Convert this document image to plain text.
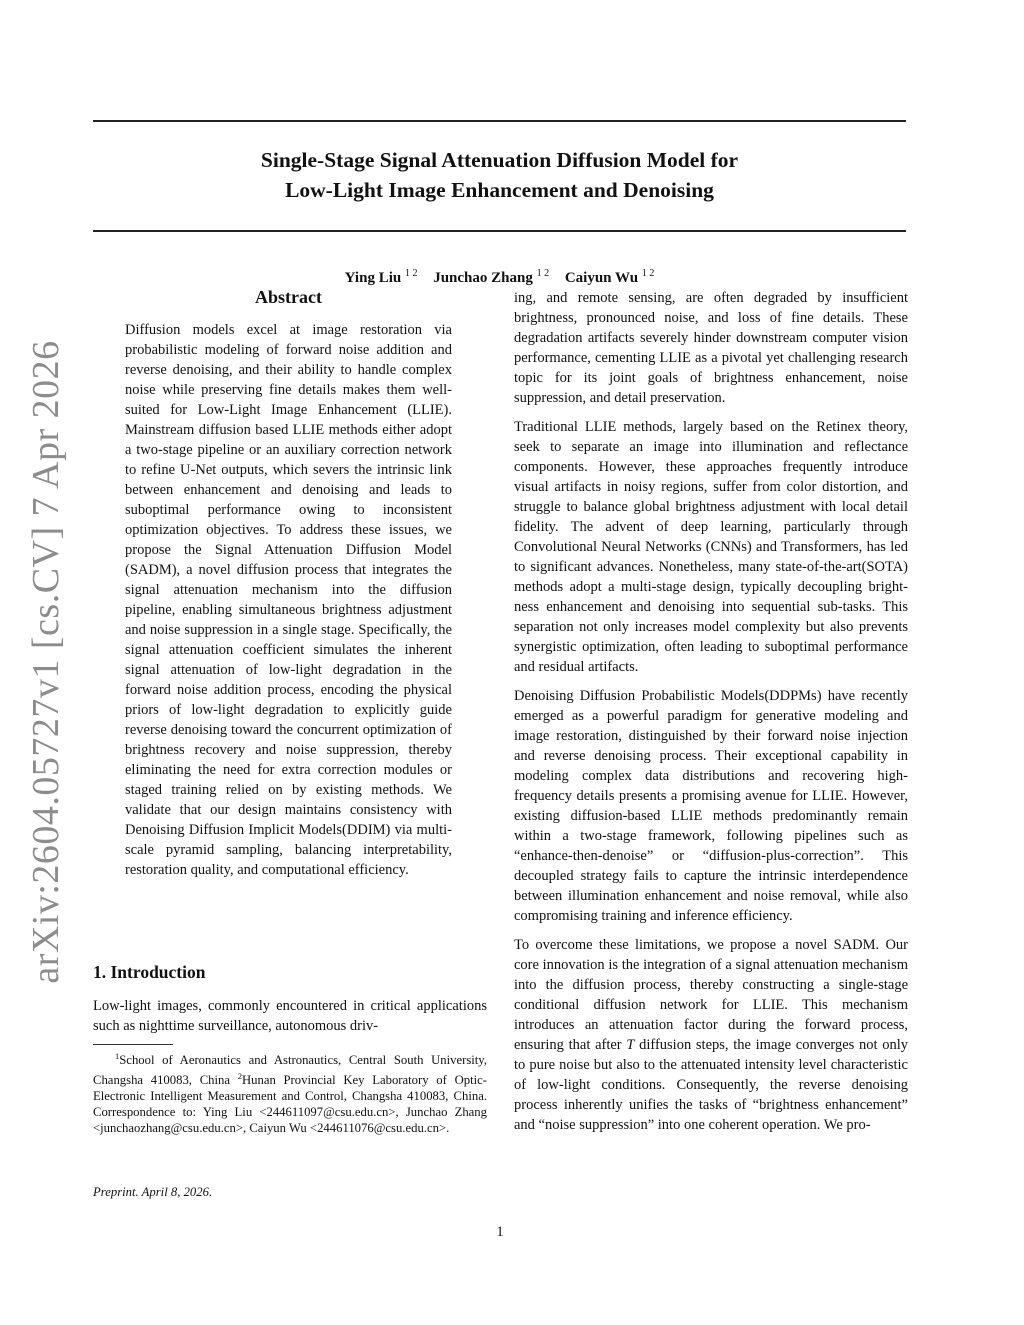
Single-Stage Signal Attenuation Diffusion Model for
Low-Light Image Enhancement and Denoising
Ying Liu $^{1 2}$ Junchao Zhang $^{1 2}$ Caiyun Wu $^{1 2}$
arXiv:2604.05727v1 [cs.CV] 7 Apr 2026
Abstract
Diffusion models excel at image restoration via probabilistic modeling of forward noise addition and reverse denoising, and their ability to handle complex noise while preserving fine details makes them well-suited for Low-Light Image Enhancement (LLIE). Mainstream diffusion based LLIE methods either adopt a two-stage pipeline or an auxiliary correction network to refine U-Net outputs, which severs the intrinsic link between enhancement and denoising and leads to suboptimal performance owing to inconsistent optimization objectives. To address these issues, we propose the Signal Attenuation Diffusion Model (SADM), a novel diffusion process that integrates the signal attenuation mechanism into the diffusion pipeline, enabling simultaneous brightness adjustment and noise suppression in a single stage. Specifically, the signal attenuation coefficient simulates the inherent signal attenuation of low-light degradation in the forward noise addition process, encoding the physical priors of low-light degradation to explicitly guide reverse denoising toward the concurrent optimization of brightness recovery and noise suppression, thereby eliminating the need for extra correction modules or staged training relied on by existing methods. We validate that our design maintains consistency with Denoising Diffusion Implicit Models(DDIM) via multi-scale pyramid sampling, balancing interpretability, restoration quality, and computational efficiency.
1. Introduction
Low-light images, commonly encountered in critical applications such as nighttime surveillance, autonomous driv-

$^1$School of Aeronautics and Astronautics, Central South University, Changsha 410083, China $^2$Hunan Provincial Key Laboratory of Optic-Electronic Intelligent Measurement and Control, Changsha 410083, China. Correspondence to: Ying Liu <244611097@csu.edu.cn>, Junchao Zhang <junchaozhang@csu.edu.cn>, Caiyun Wu <244611076@csu.edu.cn>.

Preprint. April 8, 2026.

ing, and remote sensing, are often degraded by insufficient brightness, pronounced noise, and loss of fine details. These degradation artifacts severely hinder downstream computer vision performance, cementing LLIE as a pivotal yet challenging research topic for its joint goals of brightness enhancement, noise suppression, and detail preservation.

Traditional LLIE methods, largely based on the Retinex theory, seek to separate an image into illumination and reflectance components. However, these approaches frequently introduce visual artifacts in noisy regions, suffer from color distortion, and struggle to balance global brightness adjustment with local detail fidelity. The advent of deep learning, particularly through Convolutional Neural Networks (CNNs) and Transformers, has led to significant advances. Nonetheless, many state-of-the-art(SOTA) methods adopt a multi-stage design, typically decoupling brightness enhancement and denoising into sequential sub-tasks. This separation not only increases model complexity but also prevents synergistic optimization, often leading to suboptimal performance and residual artifacts.

Denoising Diffusion Probabilistic Models(DDPMs) have recently emerged as a powerful paradigm for generative modeling and image restoration, distinguished by their forward noise injection and reverse denoising process. Their exceptional capability in modeling complex data distributions and recovering high-frequency details presents a promising avenue for LLIE. However, existing diffusion-based LLIE methods predominantly remain within a two-stage framework, following pipelines such as “enhance-then-denoise” or “diffusion-plus-correction”. This decoupled strategy fails to capture the intrinsic interdependence between illumination enhancement and noise removal, while also compromising training and inference efficiency.

To overcome these limitations, we propose a novel SADM. Our core innovation is the integration of a signal attenuation mechanism into the diffusion process, thereby constructing a single-stage conditional diffusion network for LLIE. This mechanism introduces an attenuation factor during the forward process, ensuring that after T diffusion steps, the image converges not only to pure noise but also to the attenuated intensity level characteristic of low-light conditions. Consequently, the reverse denoising process inherently unifies the tasks of “brightness enhancement” and “noise suppression” into one coherent operation. We pro-

1
